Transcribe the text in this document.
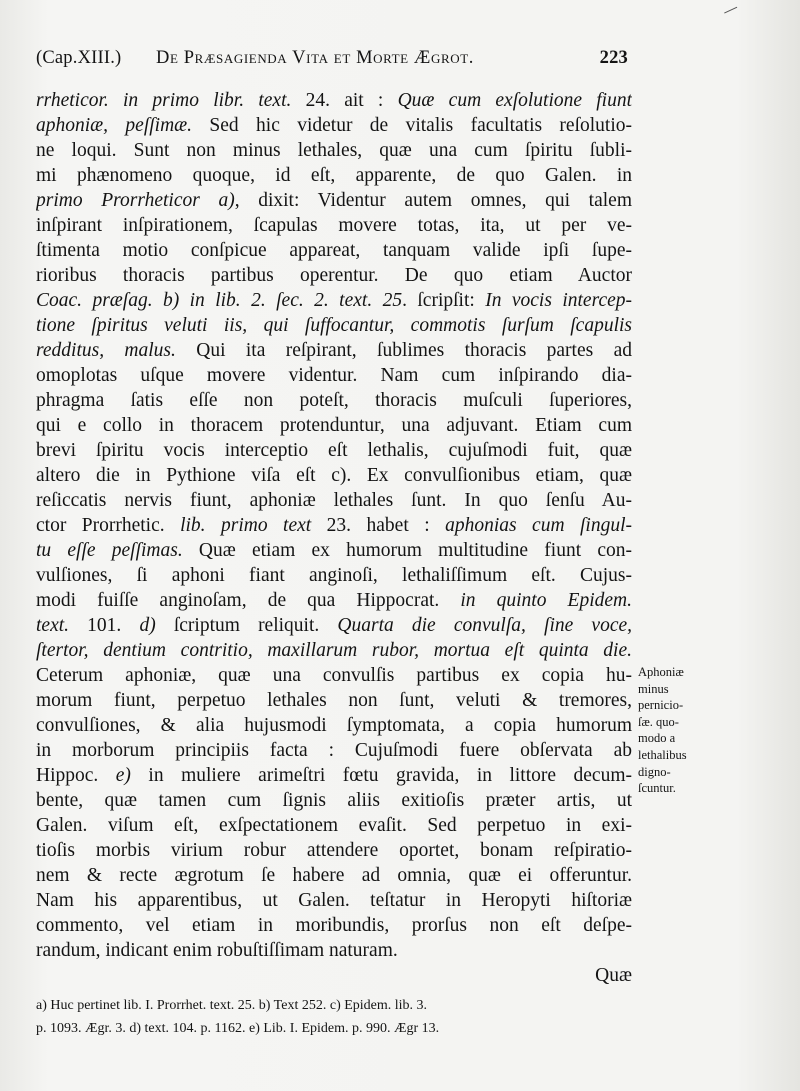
(Cap.XIII.) De Præsagienda Vita et Morte Ægrot.	223
rrheticor. in primo libr. text. 24. ait : Quæ cum exſolutione fiunt
aphoniæ, peſſimæ. Sed hic videtur de vitalis facultatis reſolutio-
ne loqui. Sunt non minus lethales, quæ una cum ſpiritu ſubli-
mi phænomeno quoque, id eſt, apparente, de quo Galen. in
primo Prorrheticor a), dixit: Videntur autem omnes, qui talem
inſpirant inſpirationem, ſcapulas movere totas, ita, ut per ve-
ſtimenta motio conſpicue appareat, tanquam valide ipſi ſupe-
rioribus thoracis partibus operentur. De quo etiam Auctor
Coac. præſag. b) in lib. 2. ſec. 2. text. 25. ſcripſit: In vocis intercep-
tione ſpiritus veluti iis, qui ſuffocantur, commotis ſurſum ſcapulis
redditus, malus. Qui ita reſpirant, ſublimes thoracis partes ad
omoplotas uſque movere videntur. Nam cum inſpirando dia-
phragma ſatis eſſe non poteſt, thoracis muſculi ſuperiores,
qui e collo in thoracem protenduntur, una adjuvant. Etiam cum
brevi ſpiritu vocis interceptio eſt lethalis, cujuſmodi fuit, quæ
altero die in Pythione viſa eſt c). Ex convulſionibus etiam, quæ
reſiccatis nervis fiunt, aphoniæ lethales ſunt. In quo ſenſu Au-
ctor Prorrhetic. lib. primo text 23. habet : aphonias cum ſingul-
tu eſſe peſſimas. Quæ etiam ex humorum multitudine fiunt con-
vulſiones, ſi aphoni fiant anginoſi, lethaliſſimum eſt. Cujus-
modi fuiſſe anginoſam, de qua Hippocrat. in quinto Epidem.
text. 101. d) ſcriptum reliquit. Quarta die convulſa, ſine voce,
ſtertor, dentium contritio, maxillarum rubor, mortua eſt quinta die.
Ceterum aphoniæ, quæ una convulſis partibus ex copia hu-
morum fiunt, perpetuo lethales non ſunt, veluti & tremores,
convulſiones, & alia hujusmodi ſymptomata, a copia humorum
in morborum principiis facta : Cujuſmodi fuere obſervata ab
Hippoc. e) in muliere arimeſtri fœtu gravida, in littore decum-
bente, quæ tamen cum ſignis aliis exitioſis præter artis, ut
Galen. viſum eſt, exſpectationem evaſit. Sed perpetuo in exi-
tioſis morbis virium robur attendere oportet, bonam reſpiratio-
nem & recte ægrotum ſe habere ad omnia, quæ ei offeruntur.
Nam his apparentibus, ut Galen. teſtatur in Heropyti hiſtoriæ
commento, vel etiam in moribundis, prorſus non eſt deſpe-
randum, indicant enim robuſtiſſimam naturam.
Quæ
Aphoniæ
minus
pernicio-
ſæ. quo-
modo a
lethalibus
digno-
ſcuntur.
a) Huc pertinet lib. I. Prorrhet. text. 25. b) Text 252. c) Epidem. lib. 3.
p. 1093. Ægr. 3. d) text. 104. p. 1162. e) Lib. I. Epidem. p. 990. Ægr 13.
